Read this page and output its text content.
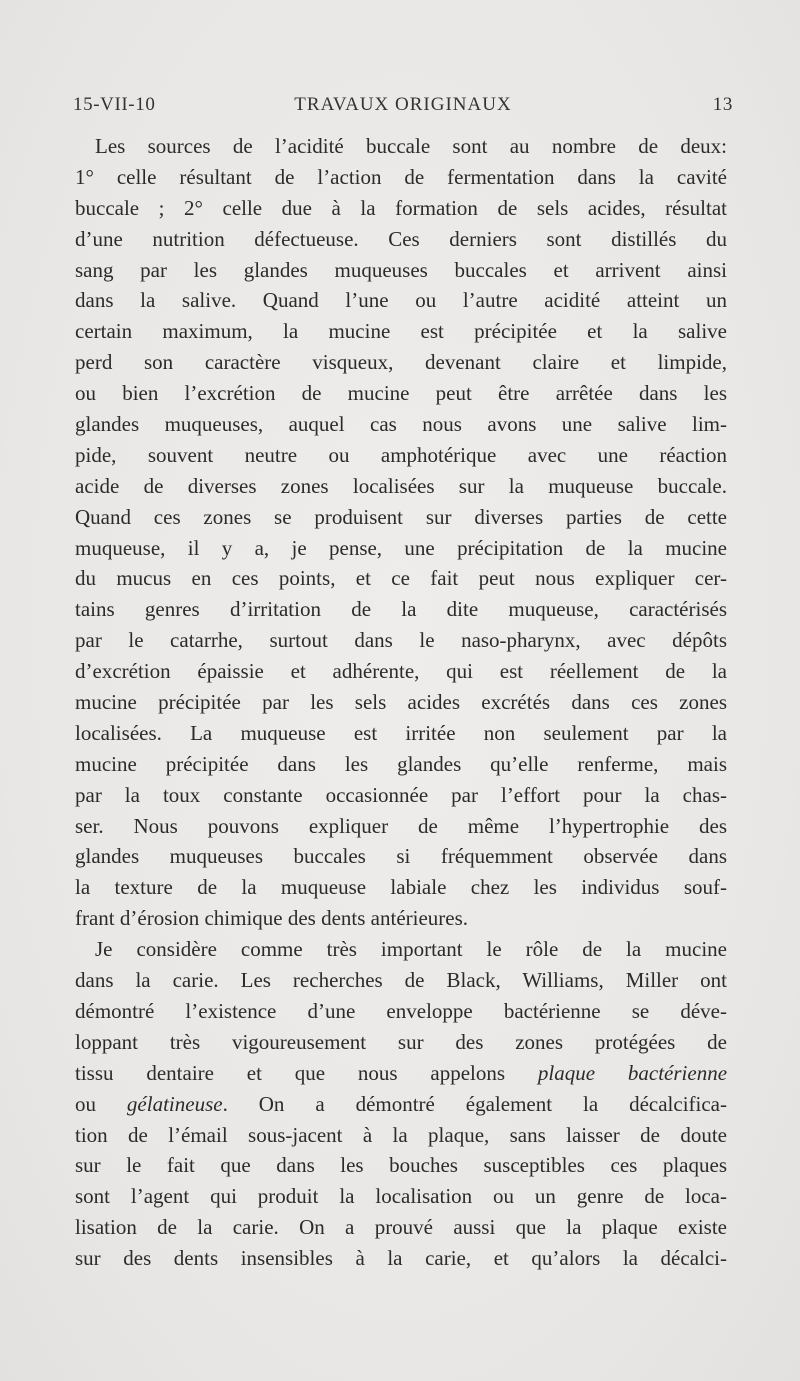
15-VII-10	TRAVAUX ORIGINAUX	13
Les sources de l’acidité buccale sont au nombre de deux:
1° celle résultant de l’action de fermentation dans la cavité
buccale ; 2° celle due à la formation de sels acides, résultat
d’une nutrition défectueuse. Ces derniers sont distillés du
sang par les glandes muqueuses buccales et arrivent ainsi
dans la salive. Quand l’une ou l’autre acidité atteint un
certain maximum, la mucine est précipitée et la salive
perd son caractère visqueux, devenant claire et limpide,
ou bien l’excrétion de mucine peut être arrêtée dans les
glandes muqueuses, auquel cas nous avons une salive lim-
pide, souvent neutre ou amphotérique avec une réaction
acide de diverses zones localisées sur la muqueuse buccale.
Quand ces zones se produisent sur diverses parties de cette
muqueuse, il y a, je pense, une précipitation de la mucine
du mucus en ces points, et ce fait peut nous expliquer cer-
tains genres d’irritation de la dite muqueuse, caractérisés
par le catarrhe, surtout dans le naso-pharynx, avec dépôts
d’excrétion épaissie et adhérente, qui est réellement de la
mucine précipitée par les sels acides excrétés dans ces zones
localisées. La muqueuse est irritée non seulement par la
mucine précipitée dans les glandes qu’elle renferme, mais
par la toux constante occasionnée par l’effort pour la chas-
ser. Nous pouvons expliquer de même l’hypertrophie des
glandes muqueuses buccales si fréquemment observée dans
la texture de la muqueuse labiale chez les individus souf-
frant d’érosion chimique des dents antérieures.
Je considère comme très important le rôle de la mucine
dans la carie. Les recherches de Black, Williams, Miller ont
démontré l’existence d’une enveloppe bactérienne se déve-
loppant très vigoureusement sur des zones protégées de
tissu dentaire et que nous appelons plaque bactérienne
ou gélatineuse. On a démontré également la décalcifica-
tion de l’émail sous-jacent à la plaque, sans laisser de doute
sur le fait que dans les bouches susceptibles ces plaques
sont l’agent qui produit la localisation ou un genre de loca-
lisation de la carie. On a prouvé aussi que la plaque existe
sur des dents insensibles à la carie, et qu’alors la décalci-
